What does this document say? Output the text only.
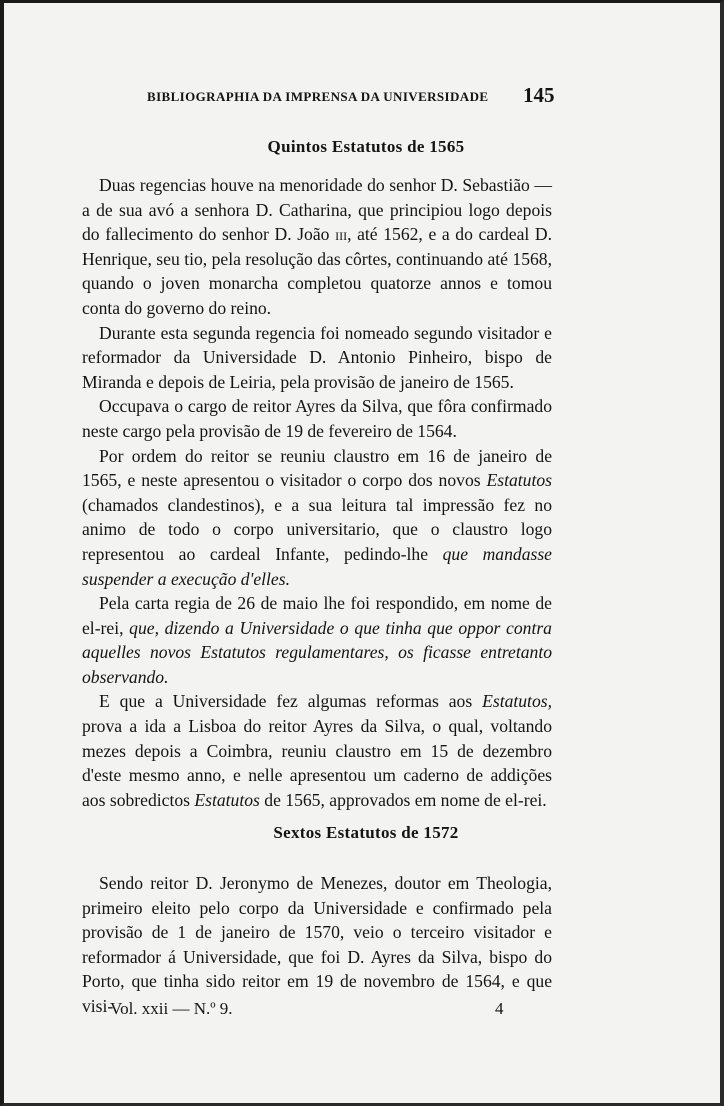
BIBLIOGRAPHIA DA IMPRENSA DA UNIVERSIDADE	145
Quintos Estatutos de 1565

Duas regencias houve na menoridade do senhor D. Sebastião — a de sua avó a senhora D. Catharina, que principiou logo depois do fallecimento do senhor D. João iii, até 1562, e a do cardeal D. Henrique, seu tio, pela resolução das côrtes, continuando até 1568, quando o joven monarcha completou quatorze annos e tomou conta do governo do reino.

Durante esta segunda regencia foi nomeado segundo visitador e reformador da Universidade D. Antonio Pinheiro, bispo de Miranda e depois de Leiria, pela provisão de janeiro de 1565.

Occupava o cargo de reitor Ayres da Silva, que fôra confirmado neste cargo pela provisão de 19 de fevereiro de 1564.

Por ordem do reitor se reuniu claustro em 16 de janeiro de 1565, e neste apresentou o visitador o corpo dos novos Estatutos (chamados clandestinos), e a sua leitura tal impressão fez no animo de todo o corpo universitario, que o claustro logo representou ao cardeal Infante, pedindo-lhe que mandasse suspender a execução d'elles.

Pela carta regia de 26 de maio lhe foi respondido, em nome de el-rei, que, dizendo a Universidade o que tinha que oppor contra aquelles novos Estatutos regulamentares, os ficasse entretanto observando.

E que a Universidade fez algumas reformas aos Estatutos, prova a ida a Lisboa do reitor Ayres da Silva, o qual, voltando mezes depois a Coimbra, reuniu claustro em 15 de dezembro d'este mesmo anno, e nelle apresentou um caderno de addições aos sobredictos Estatutos de 1565, approvados em nome de el-rei.

Sextos Estatutos de 1572

Sendo reitor D. Jeronymo de Menezes, doutor em Theologia, primeiro eleito pelo corpo da Universidade e confirmado pela provisão de 1 de janeiro de 1570, veio o terceiro visitador e reformador á Universidade, que foi D. Ayres da Silva, bispo do Porto, que tinha sido reitor em 19 de novembro de 1564, e que visi-

Vol. xxii — N.º 9.	4
